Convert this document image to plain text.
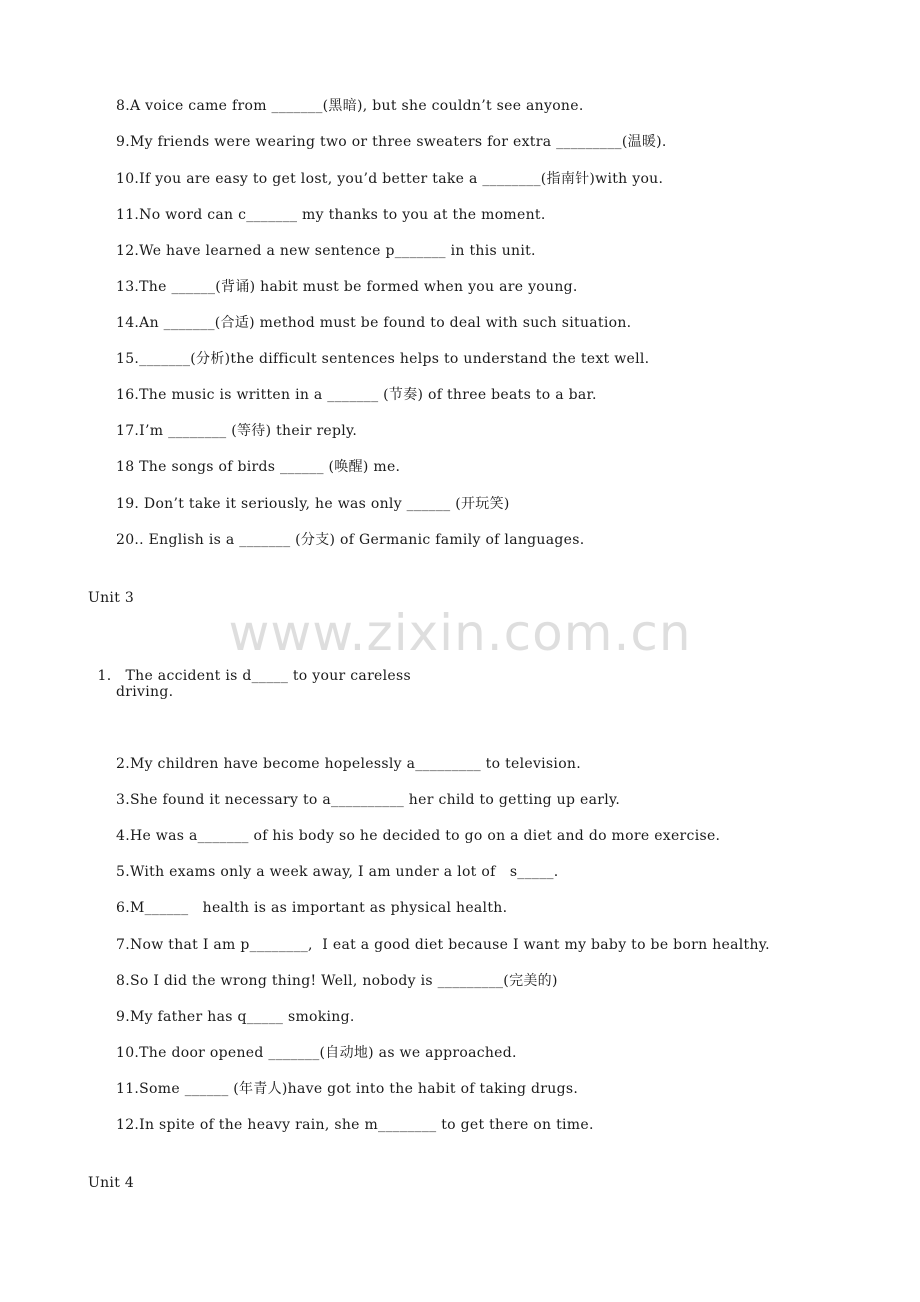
www.zixin.com.cn
8.A voice came from _______(黑暗), but she couldn’t see anyone.
9.My friends were wearing two or three sweaters for extra _________(温暖).
10.If you are easy to get lost, you’d better take a ________(指南针)with you.
11.No word can c_______ my thanks to you at the moment.
12.We have learned a new sentence p_______ in this unit.
13.The ______(背诵) habit must be formed when you are young.
14.An _______(合适) method must be found to deal with such situation.
15._______(分析)the difficult sentences helps to understand the text well.
16.The music is written in a _______ (节奏) of three beats to a bar.
17.I’m ________ (等待) their reply.
18 The songs of birds ______ (唤醒) me.
19. Don’t take it seriously, he was only ______ (开玩笑)
20.. English is a _______ (分支) of Germanic family of languages.
Unit 3

1. The accident is d_____ to your careless

driving.
2.My children have become hopelessly a_________ to television.
3.She found it necessary to a__________ her child to getting up early.
4.He was a_______ of his body so he decided to go on a diet and do more exercise.
5.With exams only a week away, I am under a lot of   s_____.
6.M______   health is as important as physical health.
7.Now that I am p________,  I eat a good diet because I want my baby to be born healthy.
8.So I did the wrong thing! Well, nobody is _________(完美的)
9.My father has q_____ smoking.
10.The door opened _______(自动地) as we approached.
11.Some ______ (年青人)have got into the habit of taking drugs.
12.In spite of the heavy rain, she m________ to get there on time.
Unit 4
